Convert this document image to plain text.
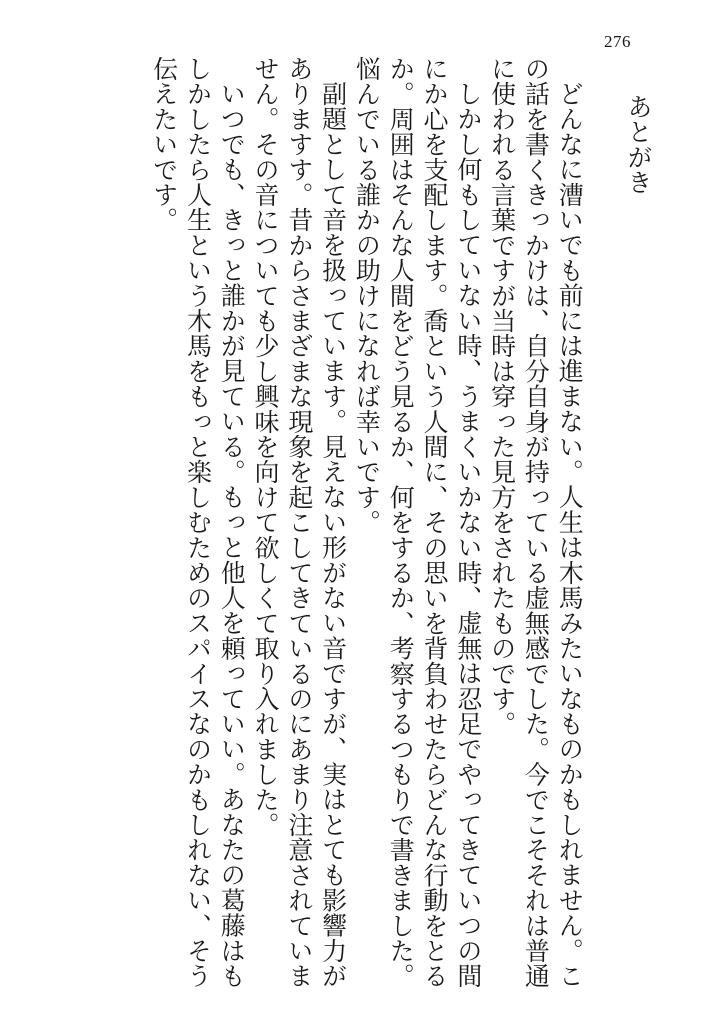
276
あとがき

どんなに漕いでも前には進まない。人生は木馬みたいなものかもしれません。この話を書くきっかけは、自分自身が持っている虚無感でした。今でこそそれは普通に使われる言葉ですが当時は穿った見方をされたものです。

しかし何もしていない時、うまくいかない時、虚無は忍足でやってきていつの間にか心を支配します。喬という人間に、その思いを背負わせたらどんな行動をとるか。周囲はそんな人間をどう見るか、何をするか、考察するつもりで書きました。悩んでいる誰かの助けになれば幸いです。

副題として音を扱っています。見えない形がない音ですが、実はとても影響力がありますす。昔からさまざまな現象を起こしてきているのにあまり注意されていません。その音についても少し興味を向けて欲しくて取り入れました。

いつでも、きっと誰かが見ている。もっと他人を頼っていい。あなたの葛藤はもしかしたら人生という木馬をもっと楽しむためのスパイスなのかもしれない、そう伝えたいです。
